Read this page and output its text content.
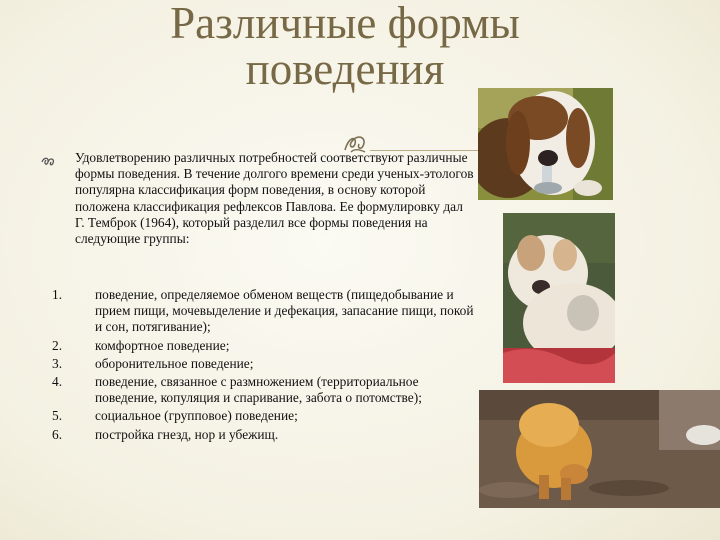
Различные формы поведения

Удовлетворению различных потребностей соответствуют различные формы поведения. В течение долгого времени среди ученых-этологов популярна классификация форм поведения, в основу которой положена классификация рефлексов Павлова. Ее формулировку дал Г. Темброк (1964), который разделил все формы поведения на следующие группы:

1.	поведение, определяемое обменом веществ (пищедобывание и прием пищи, мочевыделение и дефекация, запасание пищи, покой и сон, потягивание);
2.	комфортное поведение;
3.	оборонительное поведение;
4.	поведение, связанное с размножением (территориальное поведение, копуляция и спаривание, забота о потомстве);
5.	социальное (групповое) поведение;
6.	постройка гнезд, нор и убежищ.
